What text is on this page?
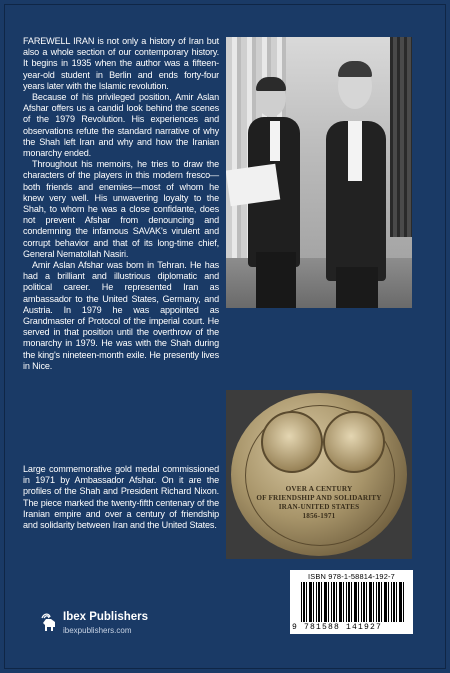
FAREWELL IRAN is not only a history of Iran but also a whole section of our contemporary history. It begins in 1935 when the author was a fifteen-year-old student in Berlin and ends forty-four years later with the Islamic revolution.

Because of his privileged position, Amir Aslan Afshar offers us a candid look behind the scenes of the 1979 Revolution. His experiences and observations refute the standard narrative of why the Shah left Iran and why and how the Iranian monarchy ended.

Throughout his memoirs, he tries to draw the characters of the players in this modern fresco—both friends and enemies—most of whom he knew very well. His unwavering loyalty to the Shah, to whom he was a close confidante, does not prevent Afshar from denouncing and condemning the infamous SAVAK's virulent and corrupt behavior and that of its long-time chief, General Nematollah Nasiri.

Amir Aslan Afshar was born in Tehran. He has had a brilliant and illustrious diplomatic and political career. He represented Iran as ambassador to the United States, Germany, and Austria. In 1979 he was appointed as Grandmaster of Protocol of the imperial court. He served in that position until the overthrow of the monarchy in 1979. He was with the Shah during the king's nineteen-month exile. He presently lives in Nice.

OVER A CENTURY
OF FRIENDSHIP AND SOLIDARITY
IRAN-UNITED STATES
1856-1971
Large commemorative gold medal commissioned in 1971 by Ambassador Afshar. On it are the profiles of the Shah and President Richard Nixon. The piece marked the twenty-fifth centenary of the Iranian empire and over a century of friendship and solidarity between Iran and the United States.
ISBN 978-1-58814-192-7
9 781588 141927
Ibex Publishers
ibexpublishers.com
